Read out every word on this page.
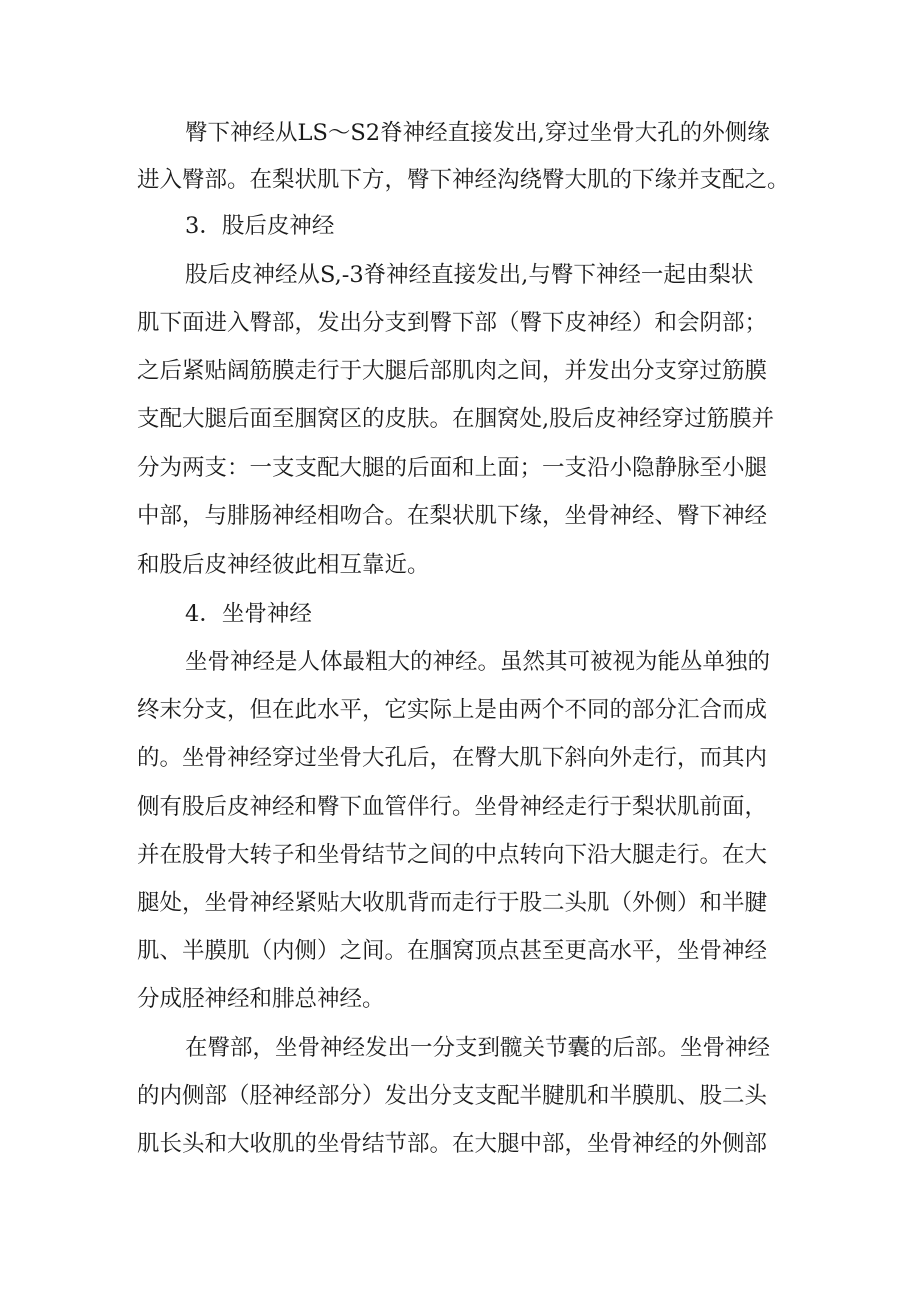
臀下神经从LS～S2脊神经直接发出,穿过坐骨大孔的外侧缘
进入臀部。在梨状肌下方，臀下神经沟绕臀大肌的下缘并支配之。
3．股后皮神经
股后皮神经从S,-3脊神经直接发出,与臀下神经一起由梨状
肌下面进入臀部，发出分支到臀下部（臀下皮神经）和会阴部；
之后紧贴阔筋膜走行于大腿后部肌肉之间，并发出分支穿过筋膜
支配大腿后面至腘窝区的皮肤。在腘窝处,股后皮神经穿过筋膜并
分为两支：一支支配大腿的后面和上面；一支沿小隐静脉至小腿
中部，与腓肠神经相吻合。在梨状肌下缘，坐骨神经、臀下神经
和股后皮神经彼此相互靠近。
4．坐骨神经
坐骨神经是人体最粗大的神经。虽然其可被视为能丛单独的
终末分支，但在此水平，它实际上是由两个不同的部分汇合而成
的。坐骨神经穿过坐骨大孔后，在臀大肌下斜向外走行，而其内
侧有股后皮神经和臀下血管伴行。坐骨神经走行于梨状肌前面，
并在股骨大转子和坐骨结节之间的中点转向下沿大腿走行。在大
腿处，坐骨神经紧贴大收肌背而走行于股二头肌（外侧）和半腱
肌、半膜肌（内侧）之间。在腘窝顶点甚至更高水平，坐骨神经
分成胫神经和腓总神经。
在臀部，坐骨神经发出一分支到髋关节囊的后部。坐骨神经
的内侧部（胫神经部分）发出分支支配半腱肌和半膜肌、股二头
肌长头和大收肌的坐骨结节部。在大腿中部，坐骨神经的外侧部
